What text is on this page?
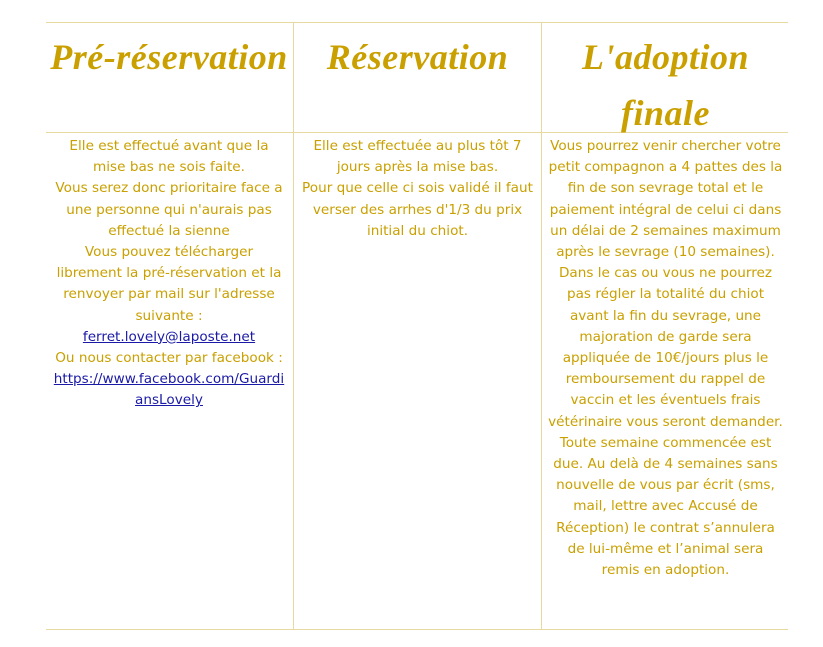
Pré-réservation	Réservation	L'adoption
finale

Elle est effectué avant que la mise bas ne sois faite.
Vous serez donc prioritaire face a une personne qui n'aurais pas effectué la sienne
Vous pouvez télécharger librement la pré-réservation et la renvoyer par mail sur l'adresse suivante :
ferret.lovely@laposte.net
Ou nous contacter par facebook :
https://www.facebook.com/GuardiansLovely
Elle est effectuée au plus tôt 7 jours après la mise bas.
Pour que celle ci sois validé il faut verser des arrhes d'1/3 du prix initial du chiot.
Vous pourrez venir chercher votre petit compagnon a 4 pattes des la fin de son sevrage total et le paiement intégral de celui ci dans un délai de 2 semaines maximum après le sevrage (10 semaines).
Dans le cas ou vous ne pourrez pas régler la totalité du chiot avant la fin du sevrage, une majoration de garde sera appliquée de 10€/jours plus le remboursement du rappel de vaccin et les éventuels frais vétérinaire vous seront demander. Toute semaine commencée est due. Au delà de 4 semaines sans nouvelle de vous par écrit (sms, mail, lettre avec Accusé de Réception) le contrat s’annulera de lui-même et l’animal sera remis en adoption.
